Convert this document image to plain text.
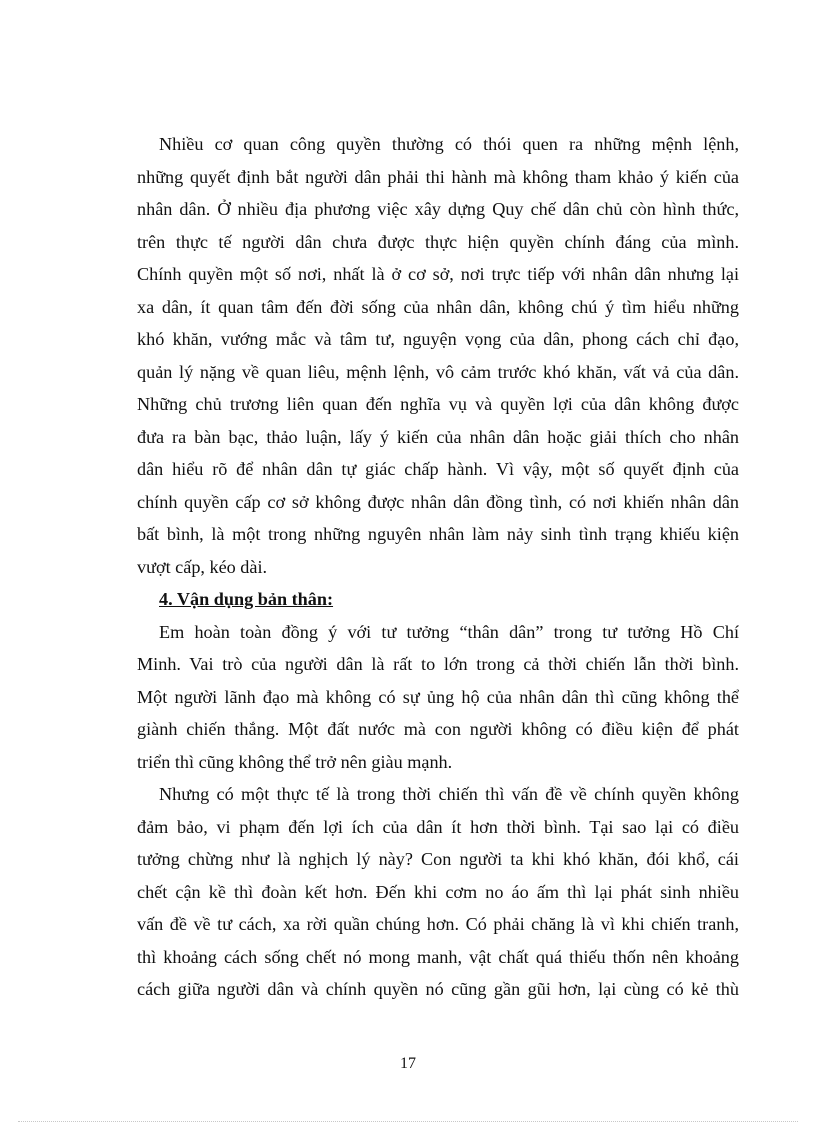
Nhiều cơ quan công quyền thường có thói quen ra những mệnh lệnh,
những quyết định bắt người dân phải thi hành mà không tham khảo ý kiến của
nhân dân. Ở nhiều địa phương việc xây dựng Quy chế dân chủ còn hình thức,
trên thực tế người dân chưa được thực hiện quyền chính đáng của mình.
Chính quyền một số nơi, nhất là ở cơ sở, nơi trực tiếp với nhân dân nhưng lại
xa dân, ít quan tâm đến đời sống của nhân dân, không chú ý tìm hiểu những
khó khăn, vướng mắc và tâm tư, nguyện vọng của dân, phong cách chỉ đạo,
quản lý nặng về quan liêu, mệnh lệnh, vô cảm trước khó khăn, vất vả của dân.
Những chủ trương liên quan đến nghĩa vụ và quyền lợi của dân không được
đưa ra bàn bạc, thảo luận, lấy ý kiến của nhân dân hoặc giải thích cho nhân
dân hiểu rõ để nhân dân tự giác chấp hành. Vì vậy, một số quyết định của
chính quyền cấp cơ sở không được nhân dân đồng tình, có nơi khiến nhân dân
bất bình, là một trong những nguyên nhân làm nảy sinh tình trạng khiếu kiện
vượt cấp, kéo dài.
4. Vận dụng bản thân:
Em hoàn toàn đồng ý với tư tưởng “thân dân” trong tư tưởng Hồ Chí
Minh. Vai trò của người dân là rất to lớn trong cả thời chiến lẫn thời bình.
Một người lãnh đạo mà không có sự ủng hộ của nhân dân thì cũng không thể
giành chiến thắng. Một đất nước mà con người không có điều kiện để phát
triển thì cũng không thể trở nên giàu mạnh.
Nhưng có một thực tế là trong thời chiến thì vấn đề về chính quyền không
đảm bảo, vi phạm đến lợi ích của dân ít hơn thời bình. Tại sao lại có điều
tưởng chừng như là nghịch lý này? Con người ta khi khó khăn, đói khổ, cái
chết cận kề thì đoàn kết hơn. Đến khi cơm no áo ấm thì lại phát sinh nhiều
vấn đề về tư cách, xa rời quần chúng hơn. Có phải chăng là vì khi chiến tranh,
thì khoảng cách sống chết nó mong manh, vật chất quá thiếu thốn nên khoảng
cách giữa người dân và chính quyền nó cũng gần gũi hơn, lại cùng có kẻ thù
17
